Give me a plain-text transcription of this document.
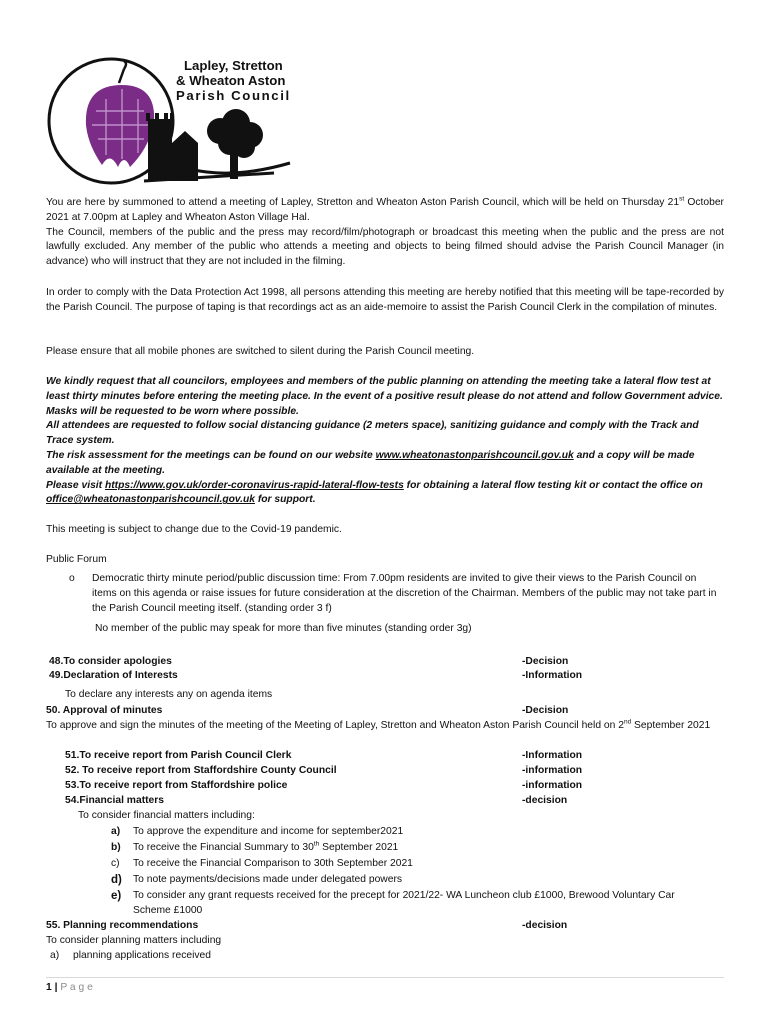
Lapley, Stretton
& Wheaton Aston
Parish Council
You are here by summoned to attend a meeting of Lapley, Stretton and Wheaton Aston Parish Council, which will be held on Thursday 21st October 2021 at 7.00pm at Lapley and Wheaton Aston Village Hal.
The Council, members of the public and the press may record/film/photograph or broadcast this meeting when the public and the press are not lawfully excluded. Any member of the public who attends a meeting and objects to being filmed should advise the Parish Council Manager (in advance) who will instruct that they are not included in the filming.
In order to comply with the Data Protection Act 1998, all persons attending this meeting are hereby notified that this meeting will be tape-recorded by the Parish Council. The purpose of taping is that recordings act as an aide-memoire to assist the Parish Council Clerk in the compilation of minutes.
Please ensure that all mobile phones are switched to silent during the Parish Council meeting.
We kindly request that all councilors, employees and members of the public planning on attending the meeting take a lateral flow test at least thirty minutes before entering the meeting place. In the event of a positive result please do not attend and follow Government advice. Masks will be requested to be worn where possible.
All attendees are requested to follow social distancing guidance (2 meters space), sanitizing guidance and comply with the Track and Trace system.
The risk assessment for the meetings can be found on our website www.wheatonastonparishcouncil.gov.uk and a copy will be made available at the meeting.
Please visit https://www.gov.uk/order-coronavirus-rapid-lateral-flow-tests for obtaining a lateral flow testing kit or contact the office on office@wheatonastonparishcouncil.gov.uk for support.
This meeting is subject to change due to the Covid-19 pandemic.
Public Forum
o Democratic thirty minute period/public discussion time: From 7.00pm residents are invited to give their views to the Parish Council on items on this agenda or raise issues for future consideration at the discretion of the Chairman. Members of the public may not take part in the Parish Council meeting itself. (standing order 3 f)
No member of the public may speak for more than five minutes (standing order 3g)
48.To consider apologies	-Decision
49.Declaration of Interests	-Information
To declare any interests any on agenda items
50. Approval of minutes	-Decision
To approve and sign the minutes of the meeting of the Meeting of Lapley, Stretton and Wheaton Aston Parish Council held on 2nd September 2021
51.To receive report from Parish Council Clerk	-Information
52. To receive report from Staffordshire County Council	-information
53.To receive report from Staffordshire police	-information
54.Financial matters	-decision
To consider financial matters including:
a) To approve the expenditure and income for september2021
b) To receive the Financial Summary to 30th September 2021
c) To receive the Financial Comparison to 30th September 2021
d) To note payments/decisions made under delegated powers
e) To consider any grant requests received for the precept for 2021/22- WA Luncheon club £1000, Brewood Voluntary Car Scheme £1000
55. Planning recommendations	-decision
To consider planning matters including
a) planning applications received
1 | P a g e
